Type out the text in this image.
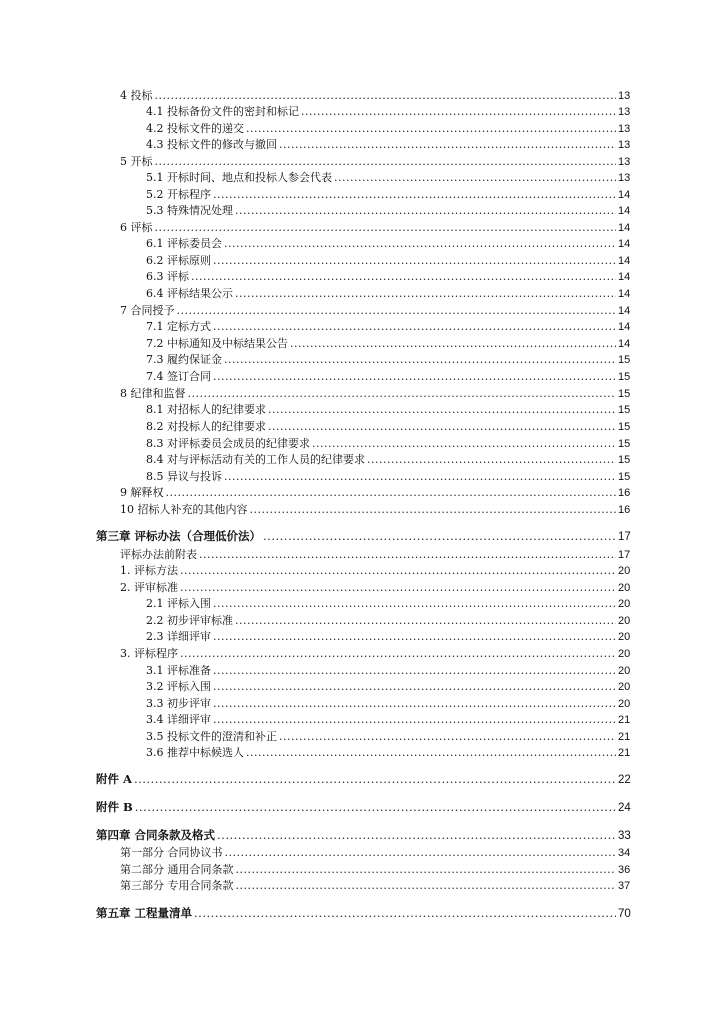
4 投标 .....	13
4.1 投标备份文件的密封和标记 .....	13
4.2 投标文件的递交 .....	13
4.3 投标文件的修改与撤回 .....	13
5 开标 .....	13
5.1 开标时间、地点和投标人参会代表 .....	13
5.2 开标程序 .....	14
5.3 特殊情况处理 .....	14
6 评标 .....	14
6.1 评标委员会 .....	14
6.2 评标原则 .....	14
6.3 评标 .....	14
6.4 评标结果公示 .....	14
7 合同授予 .....	14
7.1 定标方式 .....	14
7.2 中标通知及中标结果公告 .....	14
7.3 履约保证金 .....	15
7.4 签订合同 .....	15
8 纪律和监督 .....	15
8.1 对招标人的纪律要求 .....	15
8.2 对投标人的纪律要求 .....	15
8.3 对评标委员会成员的纪律要求 .....	15
8.4 对与评标活动有关的工作人员的纪律要求 .....	15
8.5 异议与投诉 .....	15
9 解释权 .....	16
10 招标人补充的其他内容 .....	16
第三章 评标办法（合理低价法） .....	17
评标办法前附表 .....	17
1. 评标方法 .....	20
2. 评审标准 .....	20
2.1 评标入围 .....	20
2.2 初步评审标准 .....	20
2.3 详细评审 .....	20
3. 评标程序 .....	20
3.1 评标准备 .....	20
3.2 评标入围 .....	20
3.3 初步评审 .....	20
3.4 详细评审 .....	21
3.5 投标文件的澄清和补正 .....	21
3.6 推荐中标候选人 .....	21
附件 A .....	22
附件 B .....	24
第四章 合同条款及格式 .....	33
第一部分 合同协议书 .....	34
第二部分 通用合同条款 .....	36
第三部分 专用合同条款 .....	37
第五章 工程量清单 .....	70
